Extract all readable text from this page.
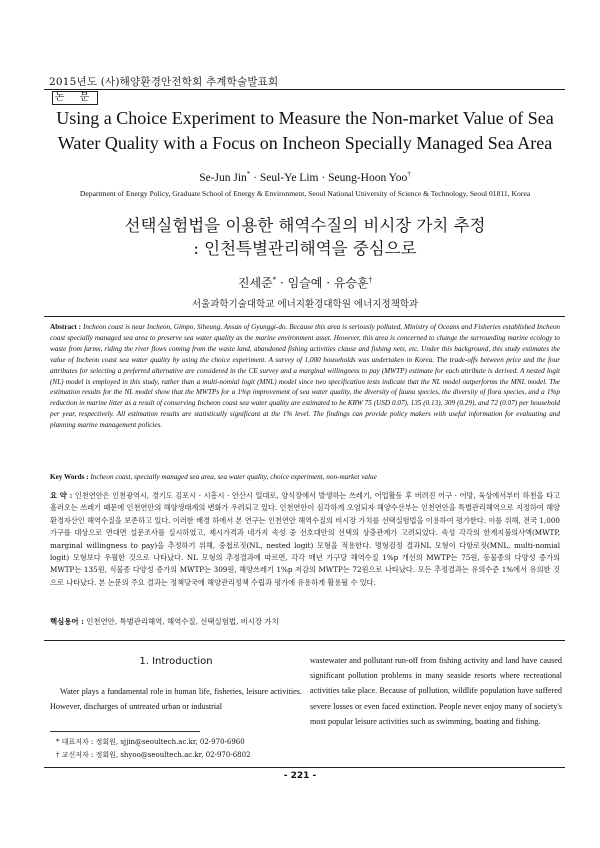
2015년도 (사)해양환경안전학회 추계학술발표회
논 문
Using a Choice Experiment to Measure the Non-market Value of Sea
Water Quality with a Focus on Incheon Specially Managed Sea Area
Se-Jun Jin* · Seul-Ye Lim · Seung-Hoon Yoo†
Department of Energy Policy, Graduate School of Energy & Environment, Seoul National University of Science & Technology, Seoul 01811, Korea
선택실험법을 이용한 해역수질의 비시장 가치 추정
: 인천특별관리해역을 중심으로
진세준* · 임슬예 · 유승훈†
서울과학기술대학교 에너지환경대학원 에너지정책학과

Abstract : Incheon coast is near Incheon, Gimpo, Siheung, Ansan of Gyunggi-do. Because this area is seriously polluted, Ministry of Oceans and Fisheries established Incheon coast specially managed sea area to preserve sea water quality as the marine environment asset. However, this area is concerned to change the surrounding marine ecology to waste from farms, riding the river flows coming from the waste land, abandoned fishing activities clause and fishing nets, etc. Under this background, this study estimates the value of Incheon coast sea water quality by using the choice experiment. A survey of 1,000 households was undertaken in Korea. The trade-offs between price and the four attributes for selecting a preferred alternative are considered in the CE survey and a marginal willingness to pay (MWTP) estimate for each attribute is derived. A nested logit (NL) model is employed in this study, rather than a multi-nomial logit (MNL) model since two specification tests indicate that the NL model outperforms the MNL model. The estimation results for the NL model show that the MWTPs for a 1%p improvement of sea water quality, the diversity of fauna species, the diversity of flora species, and a 1%p reduction in marine litter as a result of conserving Incheon coast sea water quality are estimated to be KRW 75 (USD 0.07), 135 (0.13), 309 (0.29), and 72 (0.07) per household per year, respectively. All estimation results are statistically significant at the 1% level. The findings can provide policy makers with useful information for evaluating and planning marine management policies.

Key Words : Incheon coast, specially managed sea area, sea water quality, choice experiment, non-market value

요 약 : 인천연안은 인천광역시, 경기도 김포시 · 시흥시 · 안산시 일대로, 양식장에서 발생하는 쓰레기, 어업활동 후 버려진 어구 · 어망, 육상에서부터 하천을 타고 흘러오는 쓰레기 때문에 인천연안의 해양생태계의 변화가 우려되고 있다. 인천연안이 심각하게 오염되자 해양수산부는 인천연안을 특별관리해역으로 지정하여 해양환경자산인 해역수질을 보존하고 있다. 이러한 배경 하에서 본 연구는 인천연안 해역수질의 비시장 가치를 선택실험법을 이용하여 평가한다. 이를 위해, 전국 1,000 가구를 대상으로 면대면 설문조사를 실시하였고, 제시가격과 네가지 속성 중 선호대안의 선택의 상충관계가 고려되었다. 속성 각각의 한계지불의사액(MWTP, marginal willingness to pay)을 추정하기 위해, 중첩로짓(NL, nested logit) 모형을 적용한다. 명형검정 결과NL 모형이 다항로짓(MNL, multi-nomial logit) 모형보다 우월한 것으로 나타났다. NL 모형의 추정결과에 따르면, 각각 매년 가구당 해역수질 1%p 개선의 MWTP는 75원, 동물종의 다양성 증가의 MWTP는 135원, 식물종 다양성 증가의 MWTP는 309원, 해양쓰레기 1%p 저감의 MWTP는 72원으로 나타났다. 모든 추정결과는 유의수준 1%에서 유의한 것으로 나타났다. 본 논문의 주요 결과는 정책당국에 해양관리정책 수립과 평가에 유용하게 활용될 수 있다.

핵심용어 : 인천연안, 특별관리해역, 해역수질, 선택실험법, 비시장 가치

1. Introduction

Water plays a fundamental role in human life, fisheries, leisure activities. However, discharges of untreated urban or industrial

wastewater and pollutant run-off from fishing activity and land have caused significant pollution problems in many seaside resorts where recreational activities take place. Because of pollution, wildlife population have suffered severe losses or even faced extinction. People never enjoy many of society's most popular leisure activities such as swimming, boating and fishing.

* 대표저자 : 정회원, sjjin@seoultech.ac.kr, 02-970-6960
† 교신저자 : 정회원, shyoo@seoultech.ac.kr, 02-970-6802
- 221 -
